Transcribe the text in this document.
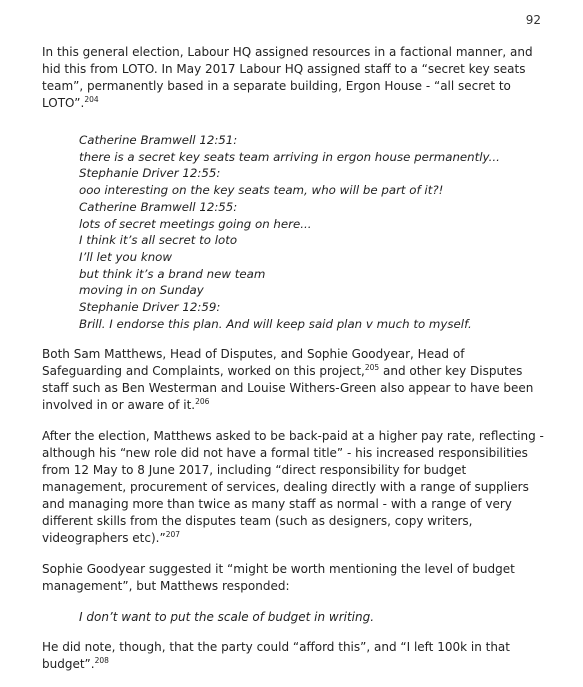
92

In this general election, Labour HQ assigned resources in a factional manner, and hid this from LOTO. In May 2017 Labour HQ assigned staff to a “secret key seats team”, permanently based in a separate building, Ergon House - “all secret to LOTO”.$^{204}$

Catherine Bramwell 12:51:
there is a secret key seats team arriving in ergon house permanently...
Stephanie Driver 12:55:
ooo interesting on the key seats team, who will be part of it?!
Catherine Bramwell 12:55:
lots of secret meetings going on here...
I think it’s all secret to loto
I’ll let you know
but think it’s a brand new team
moving in on Sunday
Stephanie Driver 12:59:
Brill. I endorse this plan. And will keep said plan v much to myself.

Both Sam Matthews, Head of Disputes, and Sophie Goodyear, Head of Safeguarding and Complaints, worked on this project,$^{205}$ and other key Disputes staff such as Ben Westerman and Louise Withers-Green also appear to have been involved in or aware of it.$^{206}$

After the election, Matthews asked to be back-paid at a higher pay rate, reflecting - although his “new role did not have a formal title” - his increased responsibilities from 12 May to 8 June 2017, including “direct responsibility for budget management, procurement of services, dealing directly with a range of suppliers and managing more than twice as many staff as normal - with a range of very different skills from the disputes team (such as designers, copy writers, videographers etc).”$^{207}$

Sophie Goodyear suggested it “might be worth mentioning the level of budget management”, but Matthews responded:

I don’t want to put the scale of budget in writing.

He did note, though, that the party could “afford this”, and “I left 100k in that budget”.$^{208}$
